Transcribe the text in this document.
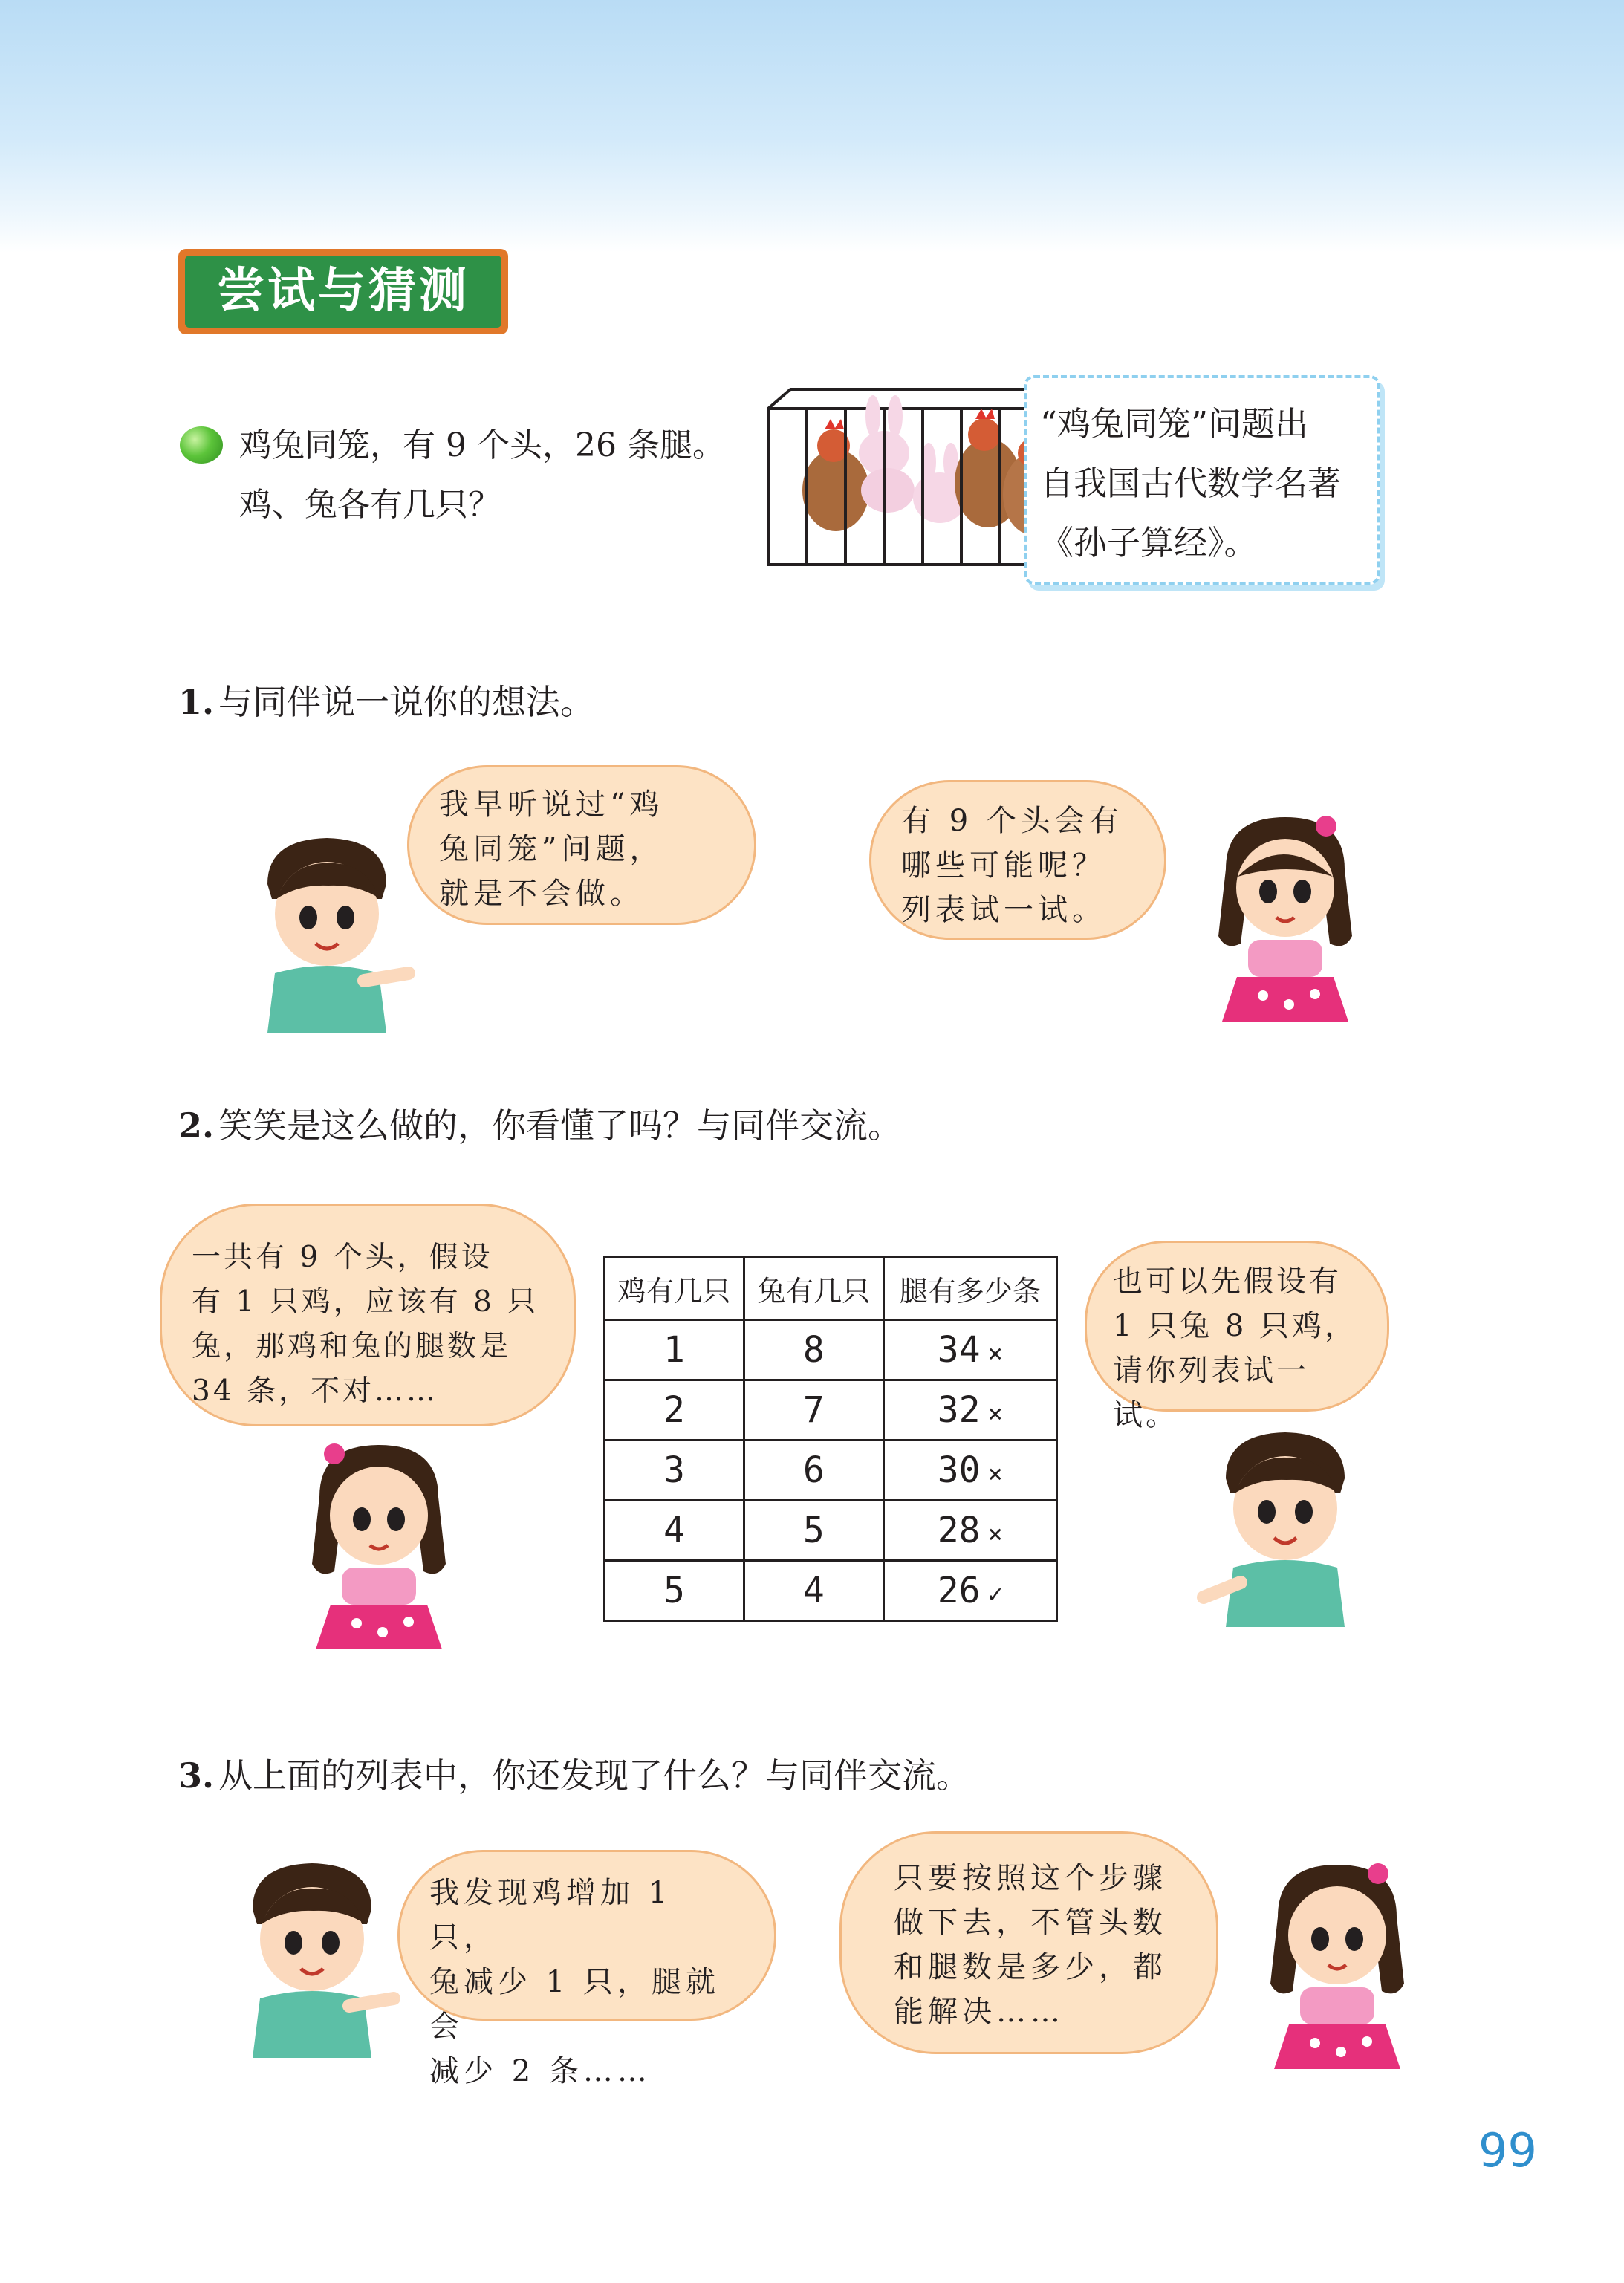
尝试与猜测
鸡兔同笼，有 9 个头，26 条腿。
鸡、兔各有几只？
“鸡兔同笼”问题出
自我国古代数学名著
《孙子算经》。

1. 与同伴说一说你的想法。

我早听说过“鸡
兔同笼”问题，
就是不会做。
有 9 个头会有
哪些可能呢？
列表试一试。

2. 笑笑是这么做的，你看懂了吗？与同伴交流。

一共有 9 个头，假设
有 1 只鸡，应该有 8 只
兔，那鸡和兔的腿数是
34 条，不对……
鸡有几只	兔有几只	腿有多少条
1	8	34 ×
2	7	32 ×
3	6	30 ×
4	5	28 ×
5	4	26 ✓
也可以先假设有
1 只兔 8 只鸡，
请你列表试一试。

3. 从上面的列表中，你还发现了什么？与同伴交流。

我发现鸡增加 1 只，
兔减少 1 只，腿就会
减少 2 条……
只要按照这个步骤
做下去，不管头数
和腿数是多少，都
能解决……
99
